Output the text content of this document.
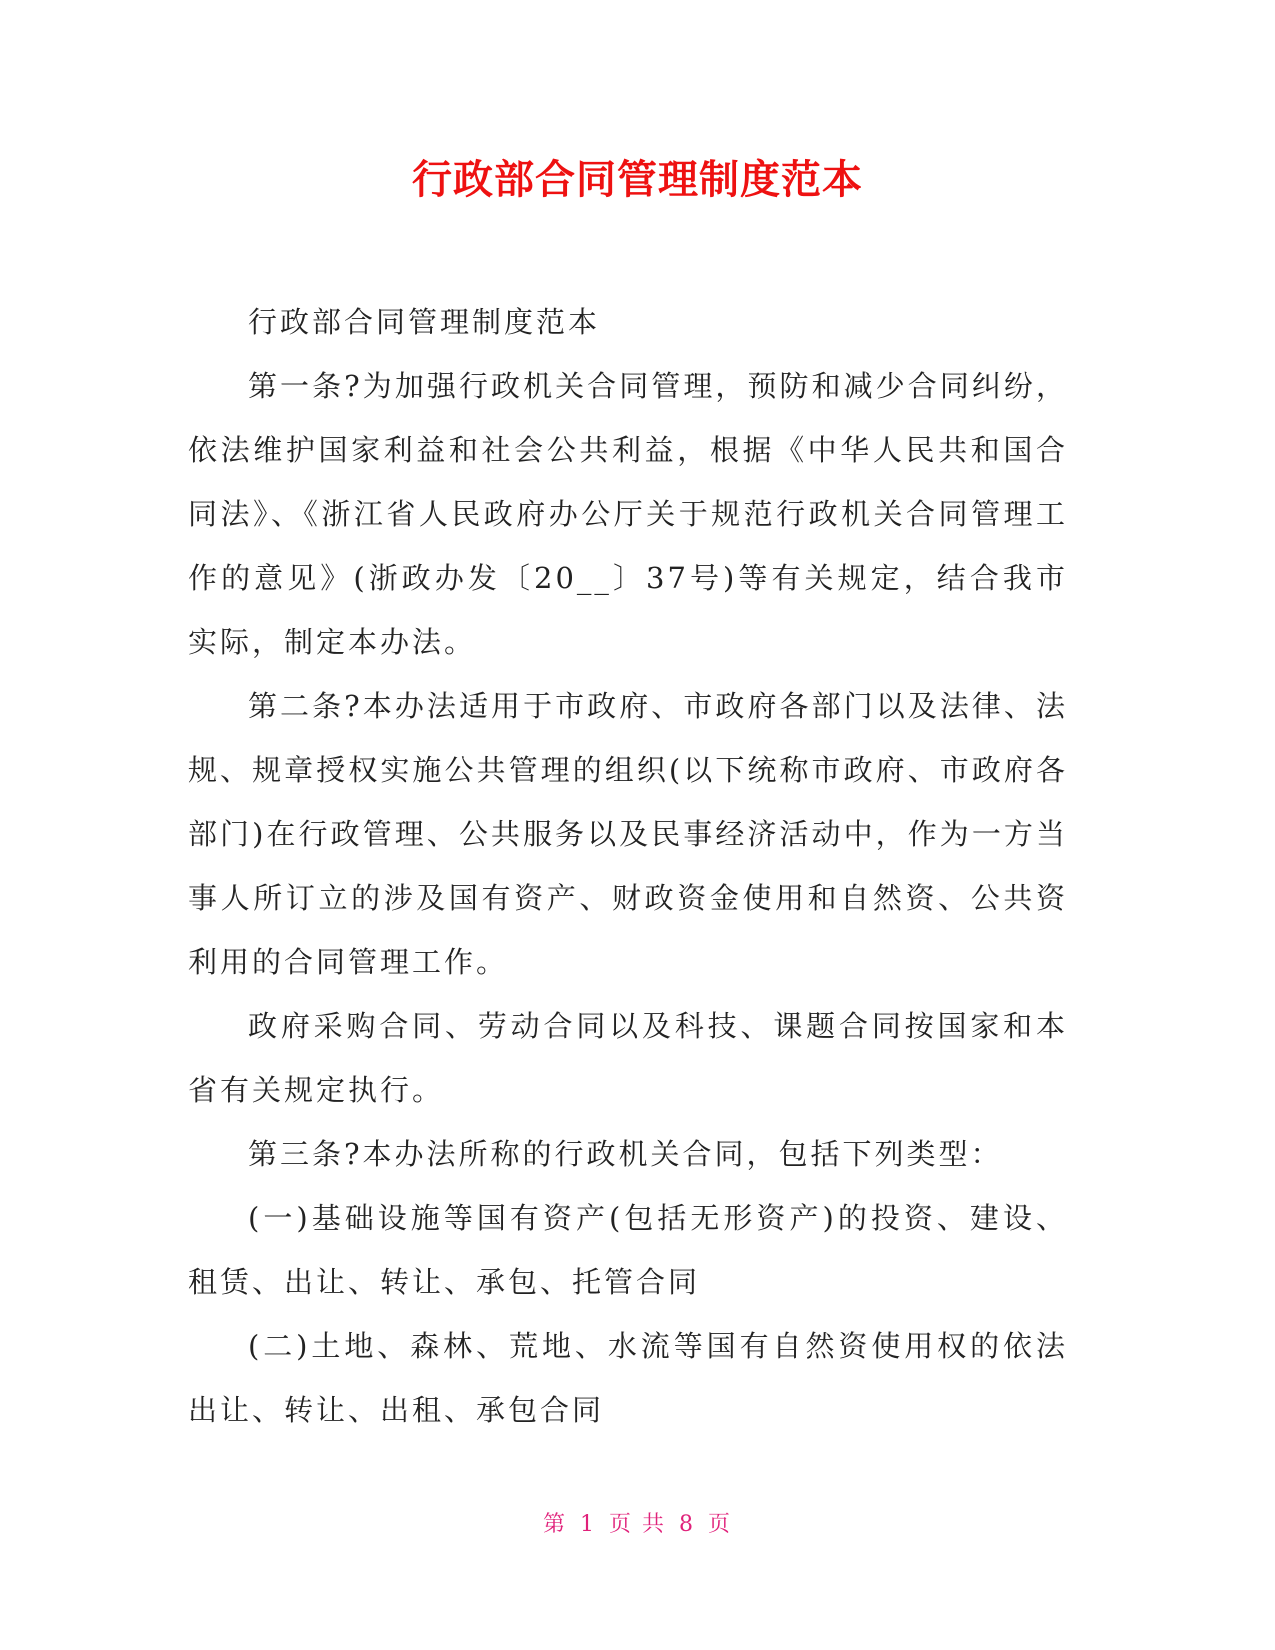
行政部合同管理制度范本

行政部合同管理制度范本

第一条?为加强行政机关合同管理，预防和减少合同纠纷，依法维护国家利益和社会公共利益，根据《中华人民共和国合同法》、《浙江省人民政府办公厅关于规范行政机关合同管理工作的意见》(浙政办发〔20__〕37号)等有关规定，结合我市实际，制定本办法。

第二条?本办法适用于市政府、市政府各部门以及法律、法规、规章授权实施公共管理的组织(以下统称市政府、市政府各部门)在行政管理、公共服务以及民事经济活动中，作为一方当事人所订立的涉及国有资产、财政资金使用和自然资、公共资利用的合同管理工作。

政府采购合同、劳动合同以及科技、课题合同按国家和本省有关规定执行。

第三条?本办法所称的行政机关合同，包括下列类型：

(一)基础设施等国有资产(包括无形资产)的投资、建设、租赁、出让、转让、承包、托管合同

(二)土地、森林、荒地、水流等国有自然资使用权的依法出让、转让、出租、承包合同

第 1 页 共 8 页
